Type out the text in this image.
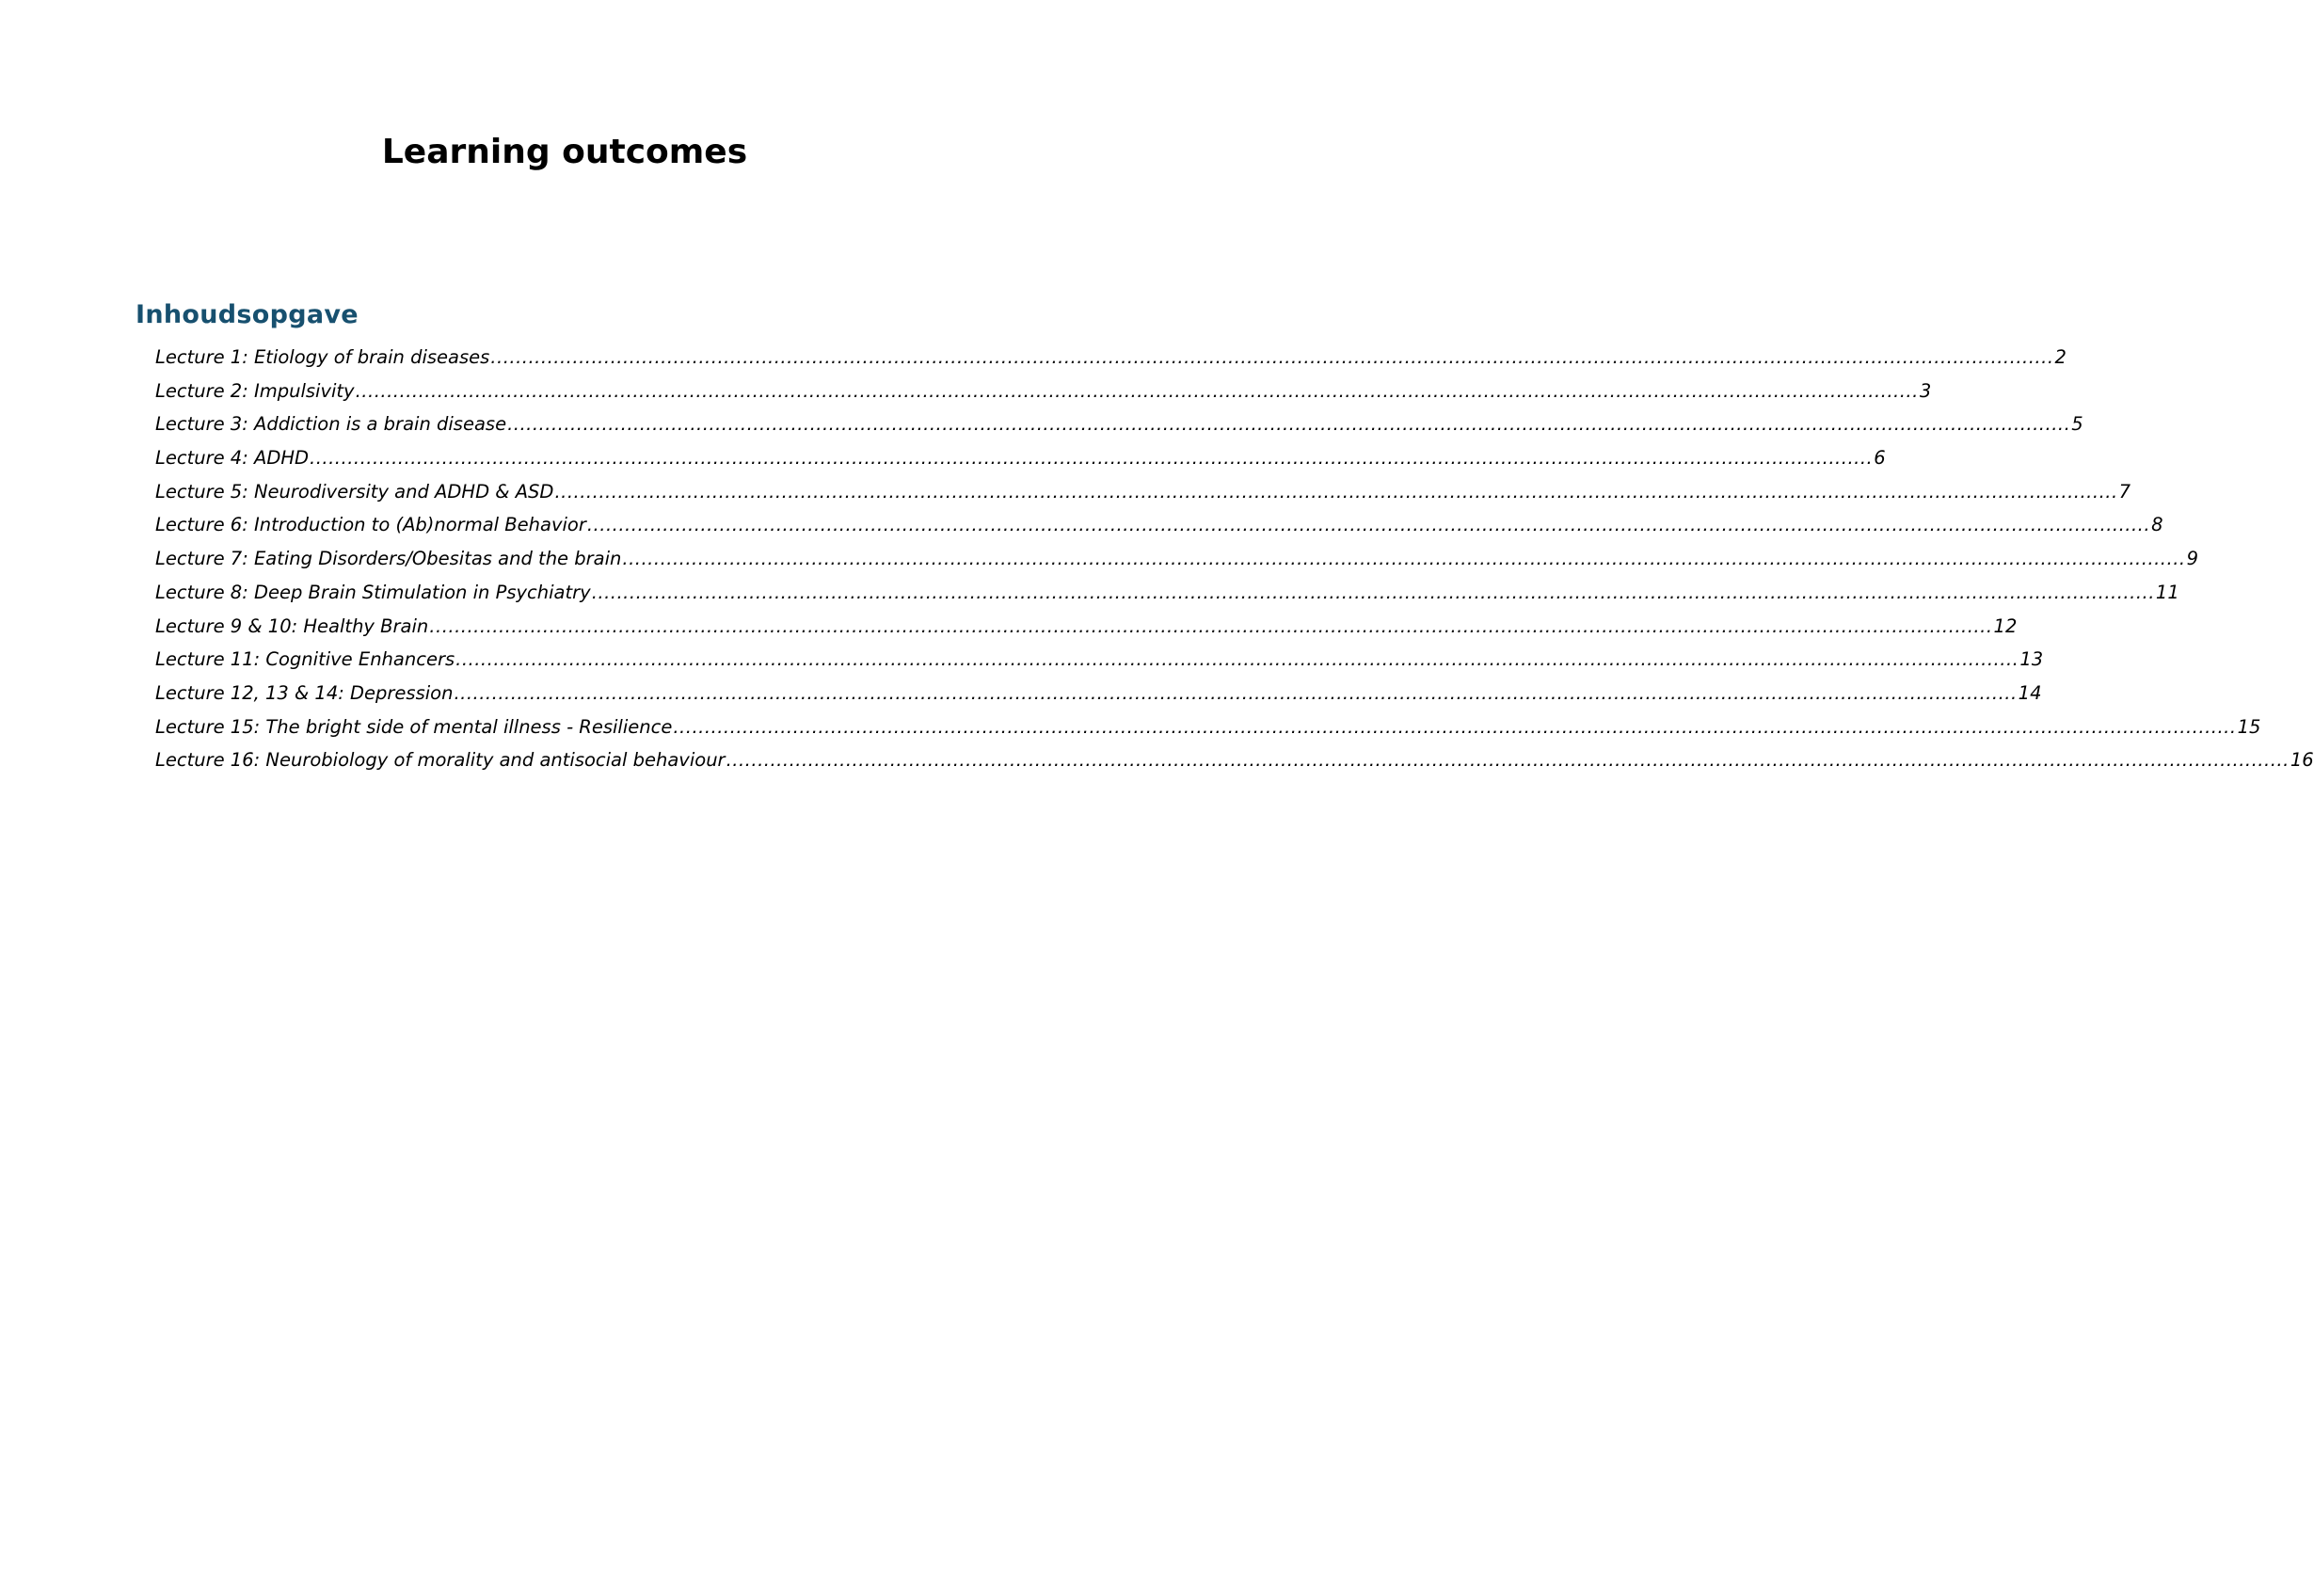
Learning outcomes
Inhoudsopgave
Lecture 1: Etiology of brain diseases ........................................................................................................................................................................................................................................................ 2
Lecture 2: Impulsivity ........................................................................................................................................................................................................................................................ 3
Lecture 3: Addiction is a brain disease ........................................................................................................................................................................................................................................................ 5
Lecture 4: ADHD ........................................................................................................................................................................................................................................................ 6
Lecture 5: Neurodiversity and ADHD & ASD ........................................................................................................................................................................................................................................................ 7
Lecture 6: Introduction to (Ab)normal Behavior ........................................................................................................................................................................................................................................................ 8
Lecture 7: Eating Disorders/Obesitas and the brain ........................................................................................................................................................................................................................................................ 9
Lecture 8: Deep Brain Stimulation in Psychiatry ........................................................................................................................................................................................................................................................ 11
Lecture 9 & 10: Healthy Brain ........................................................................................................................................................................................................................................................ 12
Lecture 11: Cognitive Enhancers ........................................................................................................................................................................................................................................................ 13
Lecture 12, 13 & 14: Depression ........................................................................................................................................................................................................................................................ 14
Lecture 15: The bright side of mental illness - Resilience ........................................................................................................................................................................................................................................................ 15
Lecture 16: Neurobiology of morality and antisocial behaviour ........................................................................................................................................................................................................................................................ 16
